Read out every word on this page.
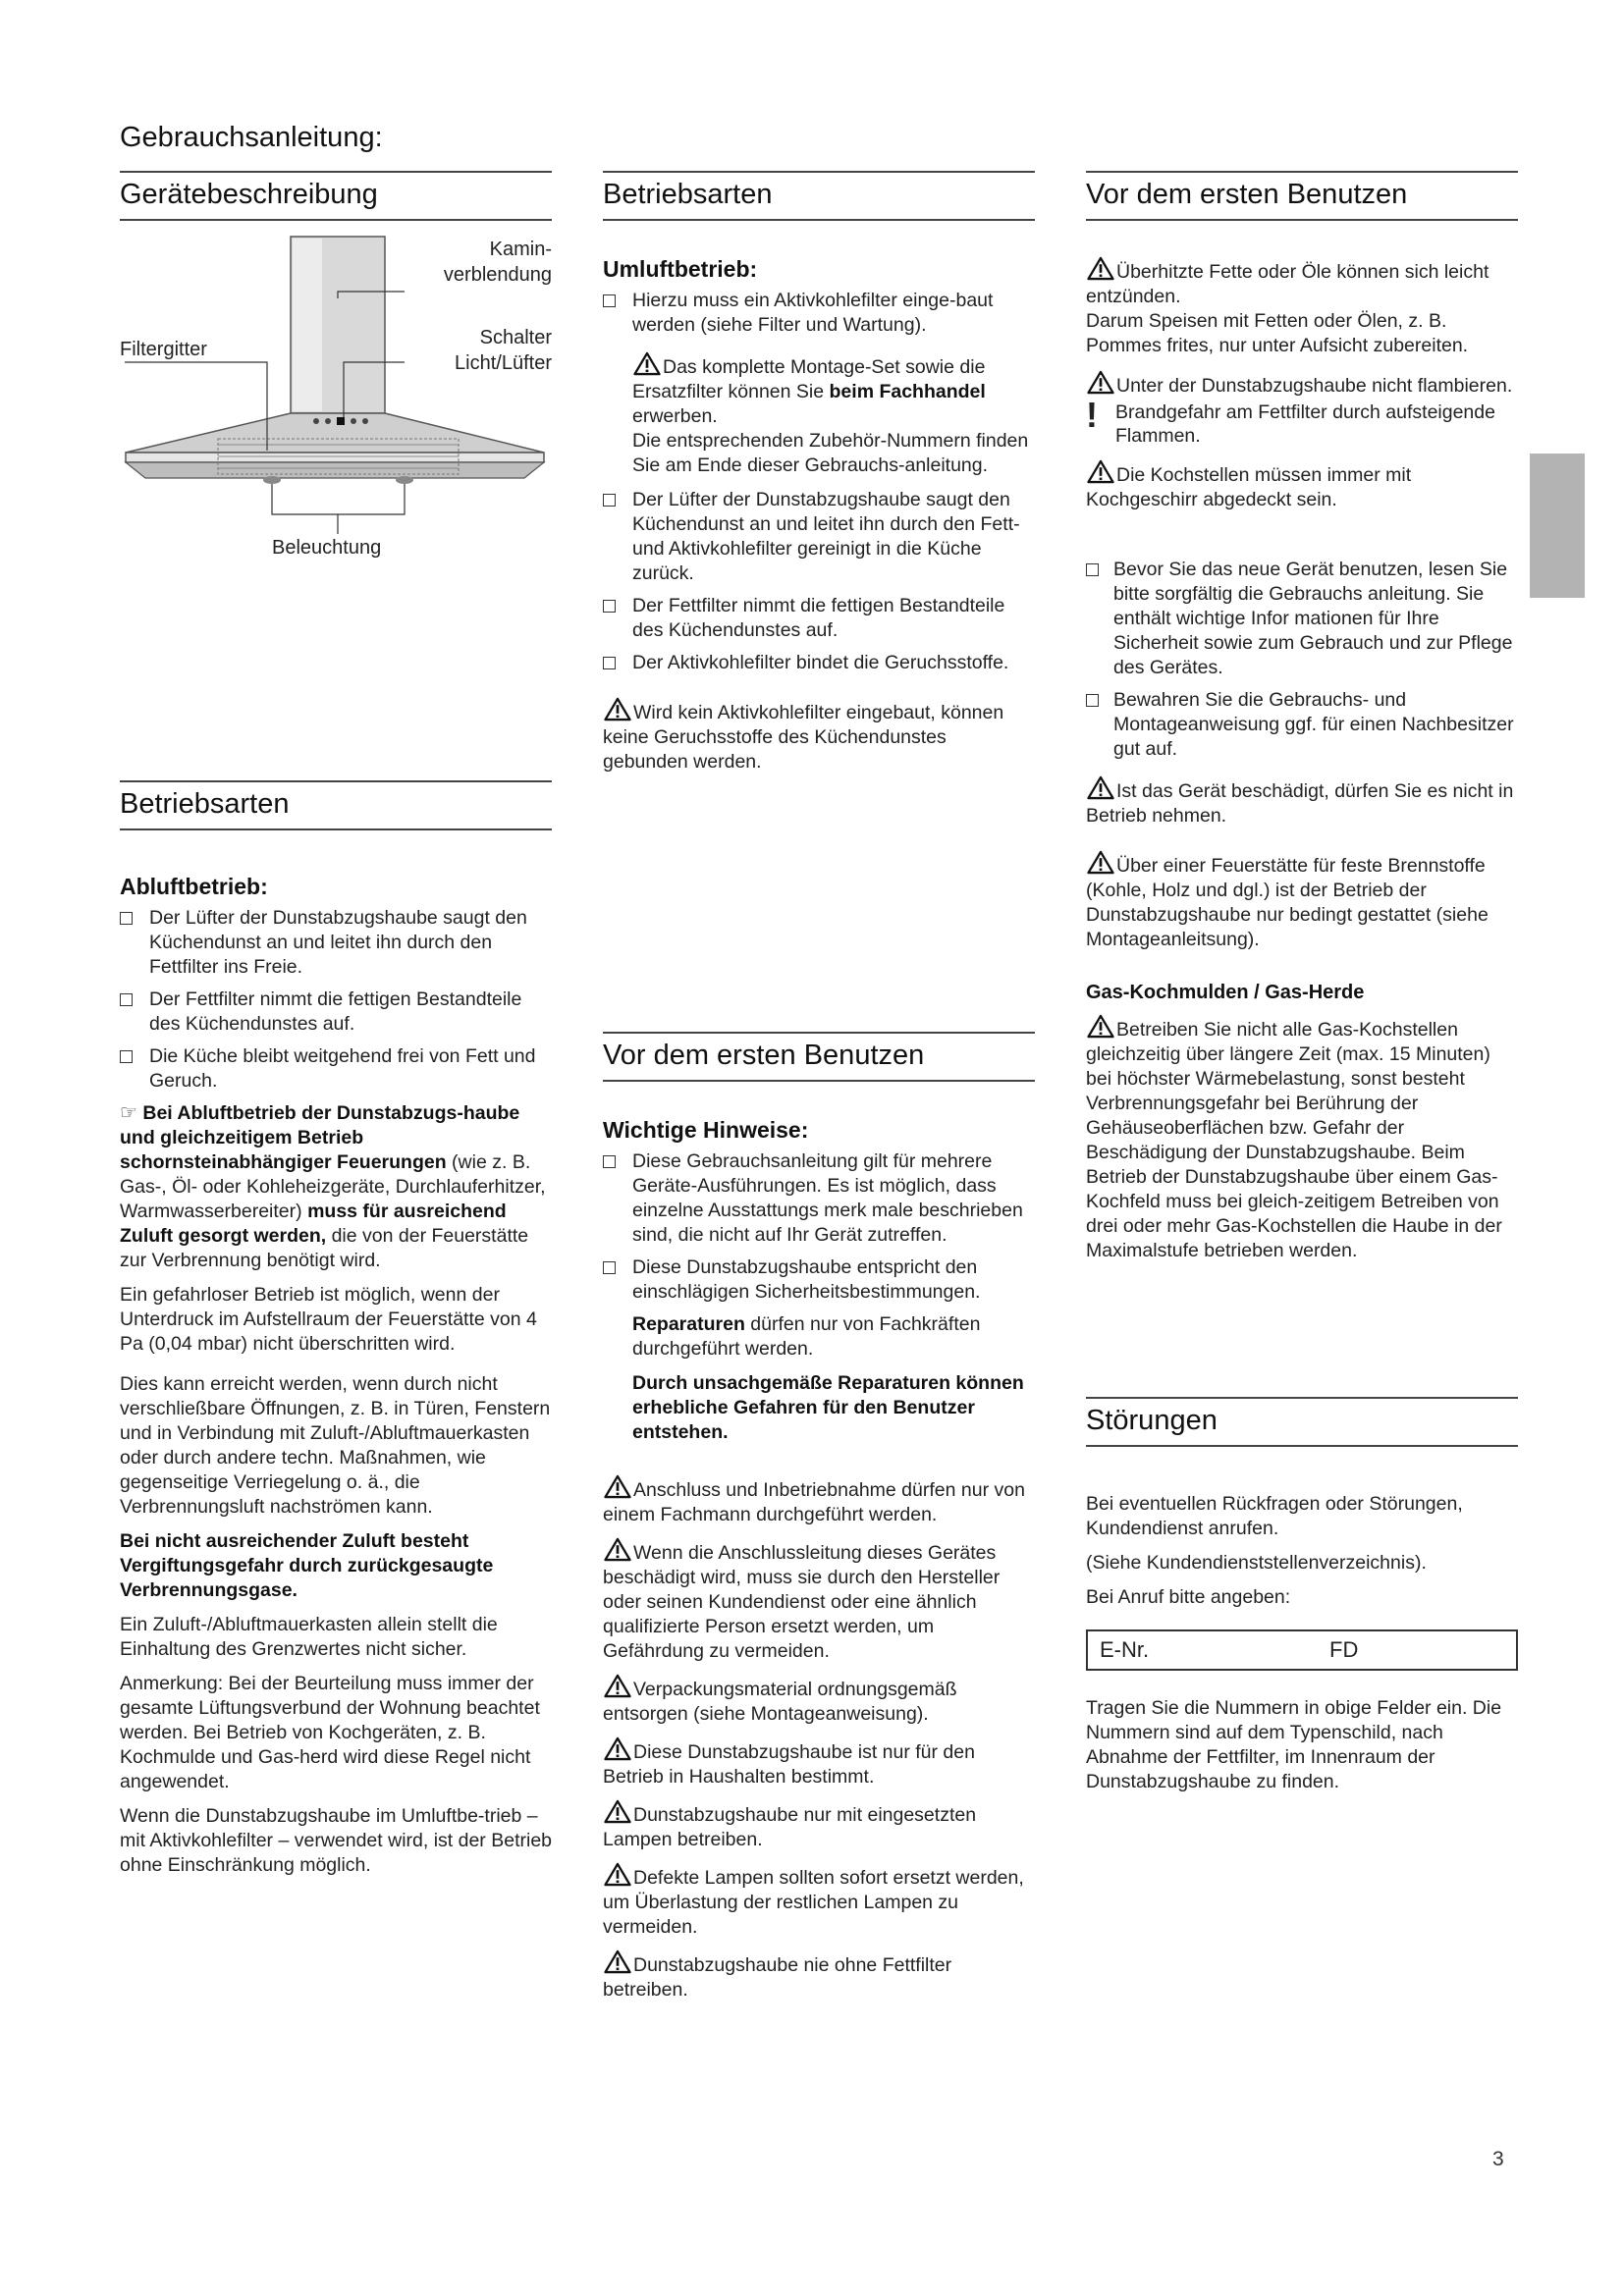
Gebrauchsanleitung:
Gerätebeschreibung
Kamin-
verblendung
Schalter
Licht/Lüfter
Filtergitter
Beleuchtung
Betriebsarten
Abluftbetrieb:
Der Lüfter der Dunstabzugshaube saugt den Küchendunst an und leitet ihn durch den Fettfilter ins Freie.
Der Fettfilter nimmt die fettigen Bestandteile des Küchendunstes auf.
Die Küche bleibt weitgehend frei von Fett und Geruch.

☞ Bei Abluftbetrieb der Dunstabzugs-haube und gleichzeitigem Betrieb schornsteinabhängiger Feuerungen (wie z. B. Gas-, Öl- oder Kohleheizgeräte, Durchlauferhitzer, Warmwasserbereiter) muss für ausreichend Zuluft gesorgt werden, die von der Feuerstätte zur Verbrennung benötigt wird.

Ein gefahrloser Betrieb ist möglich, wenn der Unterdruck im Aufstellraum der Feuerstätte von 4 Pa (0,04 mbar) nicht überschritten wird.

Dies kann erreicht werden, wenn durch nicht verschließbare Öffnungen, z. B. in Türen, Fenstern und in Verbindung mit Zuluft-/Abluftmauerkasten oder durch andere techn. Maßnahmen, wie gegenseitige Verriegelung o. ä., die Verbrennungsluft nachströmen kann.

Bei nicht ausreichender Zuluft besteht Vergiftungsgefahr durch zurückgesaugte Verbrennungsgase.

Ein Zuluft-/Abluftmauerkasten allein stellt die Einhaltung des Grenzwertes nicht sicher.

Anmerkung: Bei der Beurteilung muss immer der gesamte Lüftungsverbund der Wohnung beachtet werden. Bei Betrieb von Kochgeräten, z. B. Kochmulde und Gas-herd wird diese Regel nicht angewendet.

Wenn die Dunstabzugshaube im Umluftbe-trieb – mit Aktivkohlefilter – verwendet wird, ist der Betrieb ohne Einschränkung möglich.

Betriebsarten
Umluftbetrieb:
Hierzu muss ein Aktivkohlefilter einge-baut werden (siehe Filter und Wartung).
Das komplette Montage-Set sowie die Ersatzfilter können Sie beim Fachhandel erwerben.
Die entsprechenden Zubehör-Nummern finden Sie am Ende dieser Gebrauchs-anleitung.
Der Lüfter der Dunstabzugshaube saugt den Küchendunst an und leitet ihn durch den Fett- und Aktivkohlefilter gereinigt in die Küche zurück.
Der Fettfilter nimmt die fettigen Bestandteile des Küchendunstes auf.
Der Aktivkohlefilter bindet die Geruchsstoffe.
Wird kein Aktivkohlefilter eingebaut, können keine Geruchsstoffe des Küchendunstes gebunden werden.
Vor dem ersten Benutzen
Wichtige Hinweise:
Diese Gebrauchsanleitung gilt für mehrere Geräte-Ausführungen. Es ist möglich, dass einzelne Ausstattungs merk male beschrieben sind, die nicht auf Ihr Gerät zutreffen.
Diese Dunstabzugshaube entspricht den einschlägigen Sicherheitsbestimmungen.

Reparaturen dürfen nur von Fachkräften durchgeführt werden.

Durch unsachgemäße Reparaturen können erhebliche Gefahren für den Benutzer entstehen.

Anschluss und Inbetriebnahme dürfen nur von einem Fachmann durchgeführt werden.
Wenn die Anschlussleitung dieses Gerätes beschädigt wird, muss sie durch den Hersteller oder seinen Kundendienst oder eine ähnlich qualifizierte Person ersetzt werden, um Gefährdung zu vermeiden.
Verpackungsmaterial ordnungsgemäß entsorgen (siehe Montageanweisung).
Diese Dunstabzugshaube ist nur für den Betrieb in Haushalten bestimmt.
Dunstabzugshaube nur mit eingesetzten Lampen betreiben.
Defekte Lampen sollten sofort ersetzt werden, um Überlastung der restlichen Lampen zu vermeiden.
Dunstabzugshaube nie ohne Fettfilter betreiben.
Vor dem ersten Benutzen
Überhitzte Fette oder Öle können sich leicht entzünden.
Darum Speisen mit Fetten oder Ölen, z. B. Pommes frites, nur unter Aufsicht zubereiten.
Unter der Dunstabzugshaube nicht flambieren.
! Brandgefahr am Fettfilter durch aufsteigende Flammen.
Die Kochstellen müssen immer mit Kochgeschirr abgedeckt sein.
Bevor Sie das neue Gerät benutzen, lesen Sie bitte sorgfältig die Gebrauchs anleitung. Sie enthält wichtige Infor mationen für Ihre Sicherheit sowie zum Gebrauch und zur Pflege des Gerätes.
Bewahren Sie die Gebrauchs- und Montageanweisung ggf. für einen Nachbesitzer gut auf.
Ist das Gerät beschädigt, dürfen Sie es nicht in Betrieb nehmen.
Über einer Feuerstätte für feste Brennstoffe (Kohle, Holz und dgl.) ist der Betrieb der Dunstabzugshaube nur bedingt gestattet (siehe Montageanleitsung).
Gas-Kochmulden / Gas-Herde
Betreiben Sie nicht alle Gas-Kochstellen gleichzeitig über längere Zeit (max. 15 Minuten) bei höchster Wärmebelastung, sonst besteht Verbrennungsgefahr bei Berührung der Gehäuseoberflächen bzw. Gefahr der Beschädigung der Dunstabzugshaube. Beim Betrieb der Dunstabzugshaube über einem Gas-Kochfeld muss bei gleich-zeitigem Betreiben von drei oder mehr Gas-Kochstellen die Haube in der Maximalstufe betrieben werden.
Störungen

Bei eventuellen Rückfragen oder Störungen, Kundendienst anrufen.

(Siehe Kundendienststellenverzeichnis).

Bei Anruf bitte angeben:

E-Nr.	FD

Tragen Sie die Nummern in obige Felder ein. Die Nummern sind auf dem Typenschild, nach Abnahme der Fettfilter, im Innenraum der Dunstabzugshaube zu finden.

3
